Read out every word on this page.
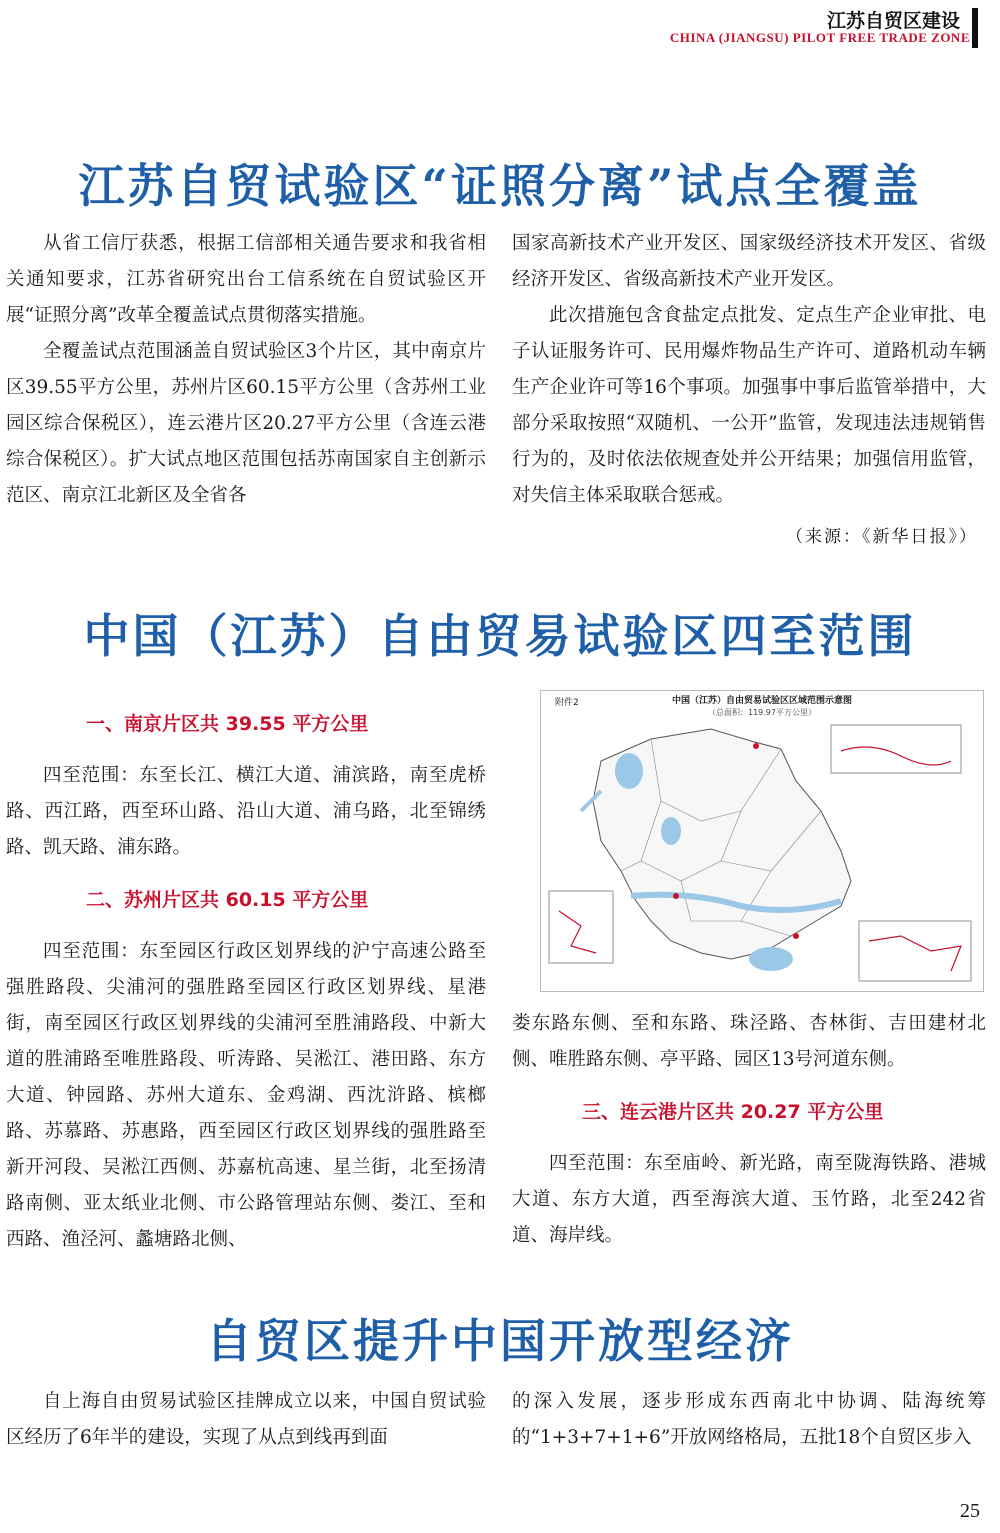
江苏自贸区建设
CHINA (JIANGSU) PILOT FREE TRADE ZONE
江苏自贸试验区“证照分离”试点全覆盖

从省工信厅获悉，根据工信部相关通告要求和我省相关通知要求，江苏省研究出台工信系统在自贸试验区开展“证照分离”改革全覆盖试点贯彻落实措施。

全覆盖试点范围涵盖自贸试验区3个片区，其中南京片区39.55平方公里，苏州片区60.15平方公里（含苏州工业园区综合保税区），连云港片区20.27平方公里（含连云港综合保税区）。扩大试点地区范围包括苏南国家自主创新示范区、南京江北新区及全省各

国家高新技术产业开发区、国家级经济技术开发区、省级经济开发区、省级高新技术产业开发区。

此次措施包含食盐定点批发、定点生产企业审批、电子认证服务许可、民用爆炸物品生产许可、道路机动车辆生产企业许可等16个事项。加强事中事后监管举措中，大部分采取按照“双随机、一公开”监管，发现违法违规销售行为的，及时依法依规查处并公开结果；加强信用监管，对失信主体采取联合惩戒。

（来源：《新华日报》）
中国（江苏）自由贸易试验区四至范围
一、南京片区共 39.55 平方公里

四至范围：东至长江、横江大道、浦滨路，南至虎桥路、西江路，西至环山路、沿山大道、浦乌路，北至锦绣路、凯天路、浦东路。

二、苏州片区共 60.15 平方公里

四至范围：东至园区行政区划界线的沪宁高速公路至强胜路段、尖浦河的强胜路至园区行政区划界线、星港街，南至园区行政区划界线的尖浦河至胜浦路段、中新大道的胜浦路至唯胜路段、听涛路、吴淞江、港田路、东方大道、钟园路、苏州大道东、金鸡湖、西沈浒路、槟榔路、苏慕路、苏惠路，西至园区行政区划界线的强胜路至新开河段、吴淞江西侧、苏嘉杭高速、星兰街，北至扬清路南侧、亚太纸业北侧、市公路管理站东侧、娄江、至和西路、渔泾河、蠡塘路北侧、

附件2	中国（江苏）自由贸易试验区区域范围示意图
（总面积：119.97平方公里）

娄东路东侧、至和东路、珠泾路、杏林街、吉田建材北侧、唯胜路东侧、亭平路、园区13号河道东侧。

三、连云港片区共 20.27 平方公里

四至范围：东至庙岭、新光路，南至陇海铁路、港城大道、东方大道，西至海滨大道、玉竹路，北至242省道、海岸线。

自贸区提升中国开放型经济

自上海自由贸易试验区挂牌成立以来，中国自贸试验区经历了6年半的建设，实现了从点到线再到面

的深入发展，逐步形成东西南北中协调、陆海统筹的“1+3+7+1+6”开放网络格局，五批18个自贸区步入

25
